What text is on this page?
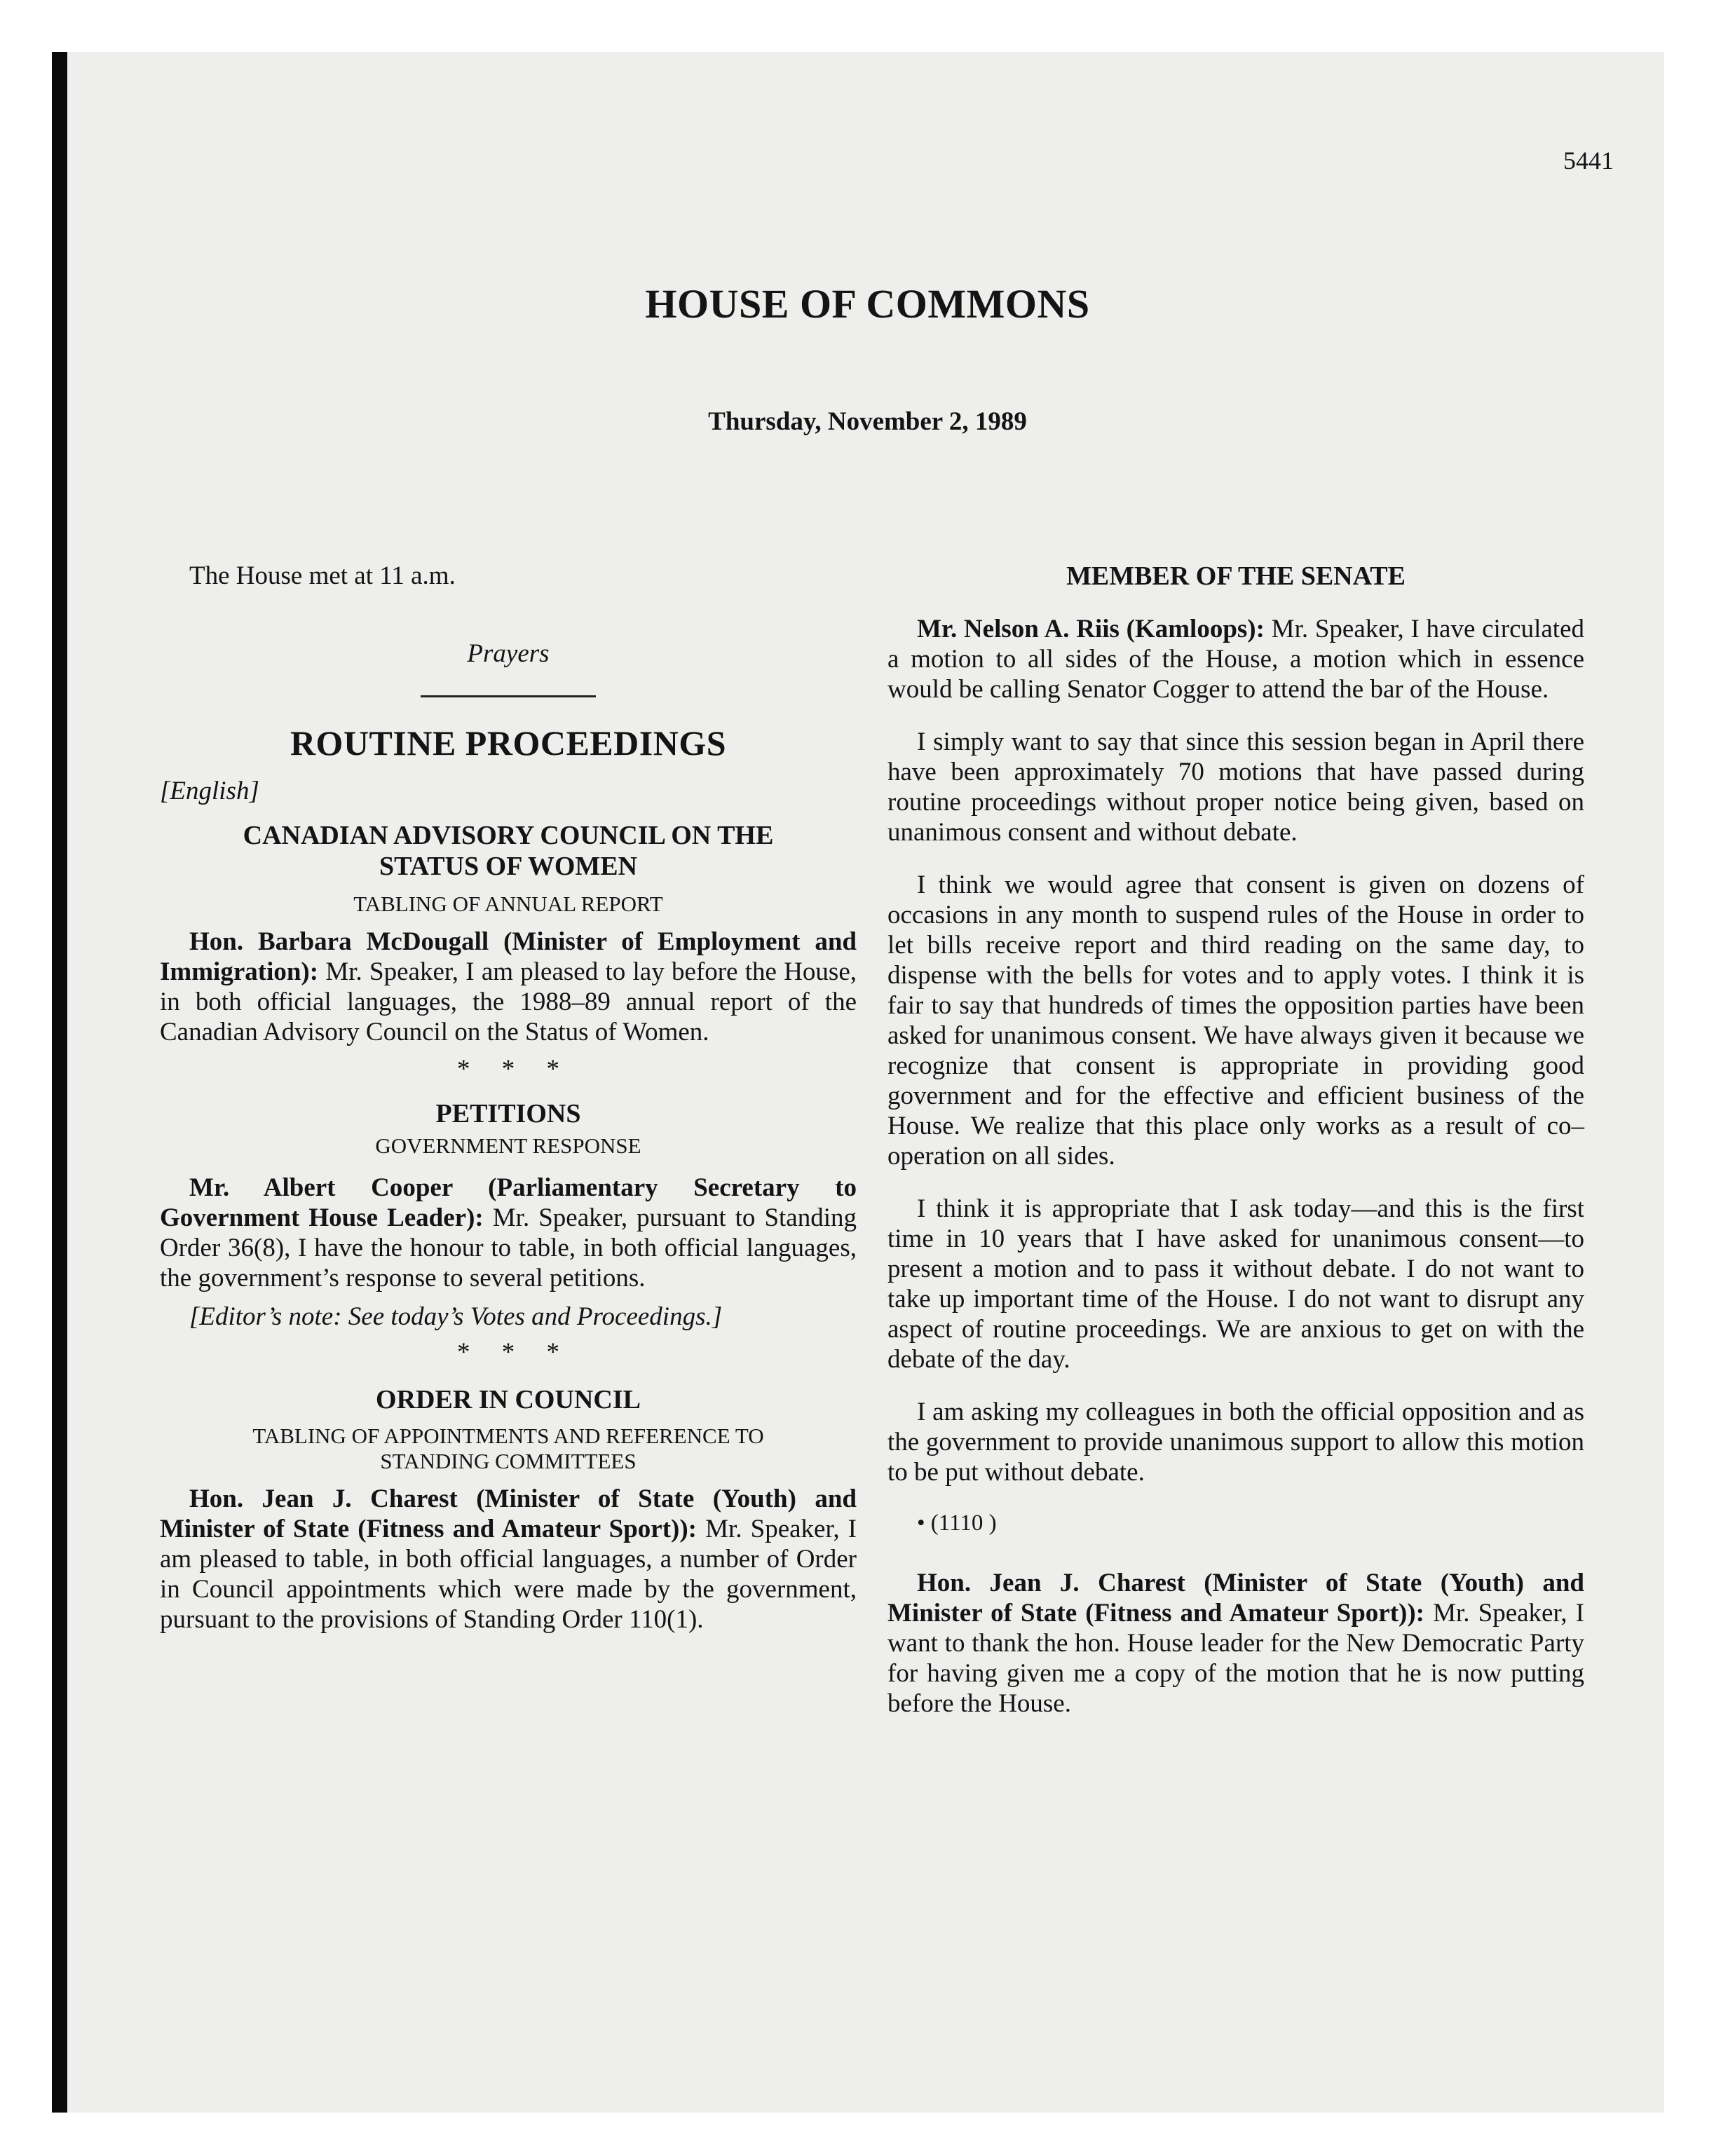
5441
HOUSE OF COMMONS
Thursday, November 2, 1989

The House met at 11 a.m.

Prayers

ROUTINE PROCEEDINGS

[English]

CANADIAN ADVISORY COUNCIL ON THE STATUS OF WOMEN

TABLING OF ANNUAL REPORT

Hon. Barbara McDougall (Minister of Employment and Immigration): Mr. Speaker, I am pleased to lay before the House, in both official languages, the 1988–89 annual report of the Canadian Advisory Council on the Status of Women.

* * *

PETITIONS

GOVERNMENT RESPONSE

Mr. Albert Cooper (Parliamentary Secretary to Government House Leader): Mr. Speaker, pursuant to Standing Order 36(8), I have the honour to table, in both official languages, the government’s response to several petitions.

[Editor’s note: See today’s Votes and Proceedings.]

* * *

ORDER IN COUNCIL

TABLING OF APPOINTMENTS AND REFERENCE TO STANDING COMMITTEES

Hon. Jean J. Charest (Minister of State (Youth) and Minister of State (Fitness and Amateur Sport)): Mr. Speaker, I am pleased to table, in both official languages, a number of Order in Council appointments which were made by the government, pursuant to the provisions of Standing Order 110(1).

MEMBER OF THE SENATE

Mr. Nelson A. Riis (Kamloops): Mr. Speaker, I have circulated a motion to all sides of the House, a motion which in essence would be calling Senator Cogger to attend the bar of the House.

I simply want to say that since this session began in April there have been approximately 70 motions that have passed during routine proceedings without proper notice being given, based on unanimous consent and without debate.

I think we would agree that consent is given on dozens of occasions in any month to suspend rules of the House in order to let bills receive report and third reading on the same day, to dispense with the bells for votes and to apply votes. I think it is fair to say that hundreds of times the opposition parties have been asked for unanimous consent. We have always given it because we recognize that consent is appropriate in providing good government and for the effective and efficient business of the House. We realize that this place only works as a result of co–operation on all sides.

I think it is appropriate that I ask today—and this is the first time in 10 years that I have asked for unanimous consent—to present a motion and to pass it without debate. I do not want to take up important time of the House. I do not want to disrupt any aspect of routine proceedings. We are anxious to get on with the debate of the day.

I am asking my colleagues in both the official opposition and as the government to provide unanimous support to allow this motion to be put without debate.

• (1110 )

Hon. Jean J. Charest (Minister of State (Youth) and Minister of State (Fitness and Amateur Sport)): Mr. Speaker, I want to thank the hon. House leader for the New Democratic Party for having given me a copy of the motion that he is now putting before the House.
